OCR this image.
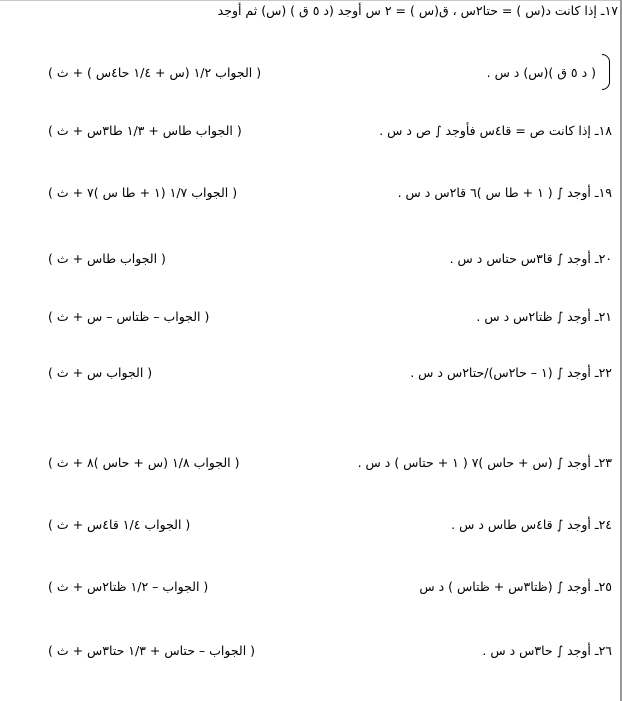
١٧ـ إذا كانت د(س ) = حتا٢س ، ق(س ) = ٢ س أوجد (د ٥ ق ) (س) ثم أوجد
( د ٥ ق )(س) د س .
( الجواب ١/٢ (س + ١/٤ حا٤س ) + ث )
١٨ـ
إذا كانت ص = قا٤س فأوجد ∫ ص د س .
( الجواب طاس + ١/٣ طا٣س + ث )
١٩ـ
أوجد ∫ ( ١ + طا س )٦ قا٢س د س .
( الجواب ١/٧ (١ + طا س )٧ + ث )
٢٠ـ
أوجد ∫ قا٣س حتاس د س .
( الجواب طاس + ث )
٢١ـ
أوجد ∫ ظتا٢س د س .
( الجواب – ظتاس – س + ث )
٢٢ـ
أوجد ∫ (١ – حا٢س)/حتا٢س د س .
( الجواب س + ث )
٢٣ـ
أوجد ∫ (س + حاس )٧ ( ١ + حتاس ) د س .
( الجواب ١/٨ (س + حاس )٨ + ث )
٢٤ـ
أوجد ∫ قا٤س طاس د س .
( الجواب ١/٤ قا٤س + ث )
٢٥ـ
أوجد ∫ (ظتا٣س + ظتاس ) د س
( الجواب – ١/٢ ظتا٢س + ث )
٢٦ـ
أوجد ∫ حا٣س د س .
( الجواب – حتاس + ١/٣ حتا٣س + ث )
